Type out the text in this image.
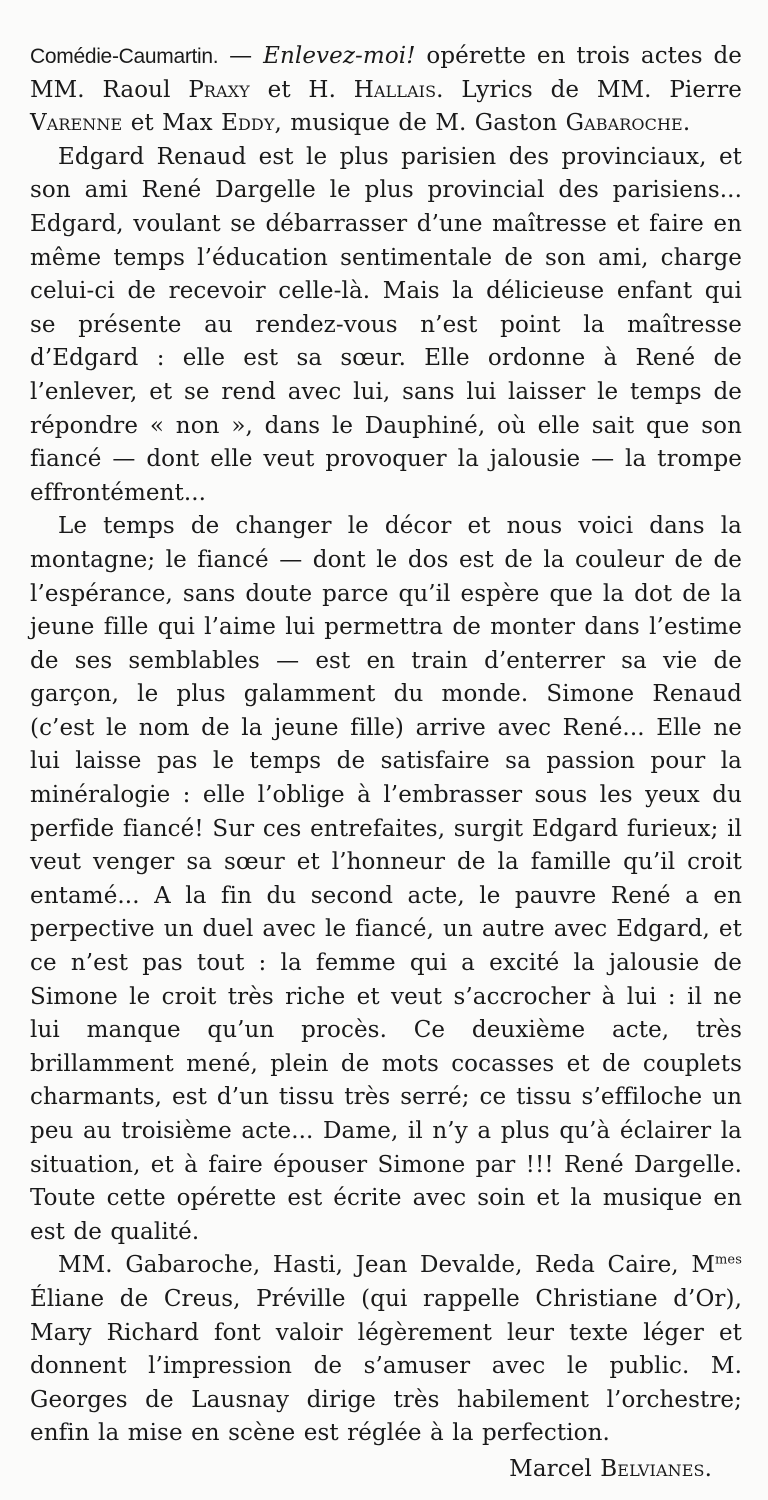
Comédie-Caumartin. — Enlevez-moi! opérette en trois actes de MM. Raoul Praxy et H. Hallais. Lyrics de MM. Pierre Varenne et Max Eddy, musique de M. Gaston Gabaroche.

Edgard Renaud est le plus parisien des provinciaux, et son ami René Dargelle le plus provincial des parisiens... Edgard, voulant se débarrasser d’une maîtresse et faire en même temps l’éducation sentimentale de son ami, charge celui-ci de recevoir celle-là. Mais la délicieuse enfant qui se présente au rendez-vous n’est point la maîtresse d’Edgard : elle est sa sœur. Elle ordonne à René de l’enlever, et se rend avec lui, sans lui laisser le temps de répondre « non », dans le Dauphiné, où elle sait que son fiancé — dont elle veut provoquer la jalousie — la trompe effrontément...

Le temps de changer le décor et nous voici dans la montagne; le fiancé — dont le dos est de la couleur de de l’espérance, sans doute parce qu’il espère que la dot de la jeune fille qui l’aime lui permettra de monter dans l’estime de ses semblables — est en train d’enterrer sa vie de garçon, le plus galamment du monde. Simone Renaud (c’est le nom de la jeune fille) arrive avec René... Elle ne lui laisse pas le temps de satisfaire sa passion pour la minéralogie : elle l’oblige à l’embrasser sous les yeux du perfide fiancé! Sur ces entrefaites, surgit Edgard furieux; il veut venger sa sœur et l’honneur de la famille qu’il croit entamé... A la fin du second acte, le pauvre René a en perpective un duel avec le fiancé, un autre avec Edgard, et ce n’est pas tout : la femme qui a excité la jalousie de Simone le croit très riche et veut s’accrocher à lui : il ne lui manque qu’un procès. Ce deuxième acte, très brillamment mené, plein de mots cocasses et de couplets charmants, est d’un tissu très serré; ce tissu s’effiloche un peu au troisième acte... Dame, il n’y a plus qu’à éclairer la situation, et à faire épouser Simone par !!! René Dargelle. Toute cette opérette est écrite avec soin et la musique en est de qualité.

MM. Gabaroche, Hasti, Jean Devalde, Reda Caire, $M^{mes}$ Éliane de Creus, Préville (qui rappelle Christiane d’Or), Mary Richard font valoir légèrement leur texte léger et donnent l’impression de s’amuser avec le public. M. Georges de Lausnay dirige très habilement l’orchestre; enfin la mise en scène est réglée à la perfection.

Marcel Belvianes.
